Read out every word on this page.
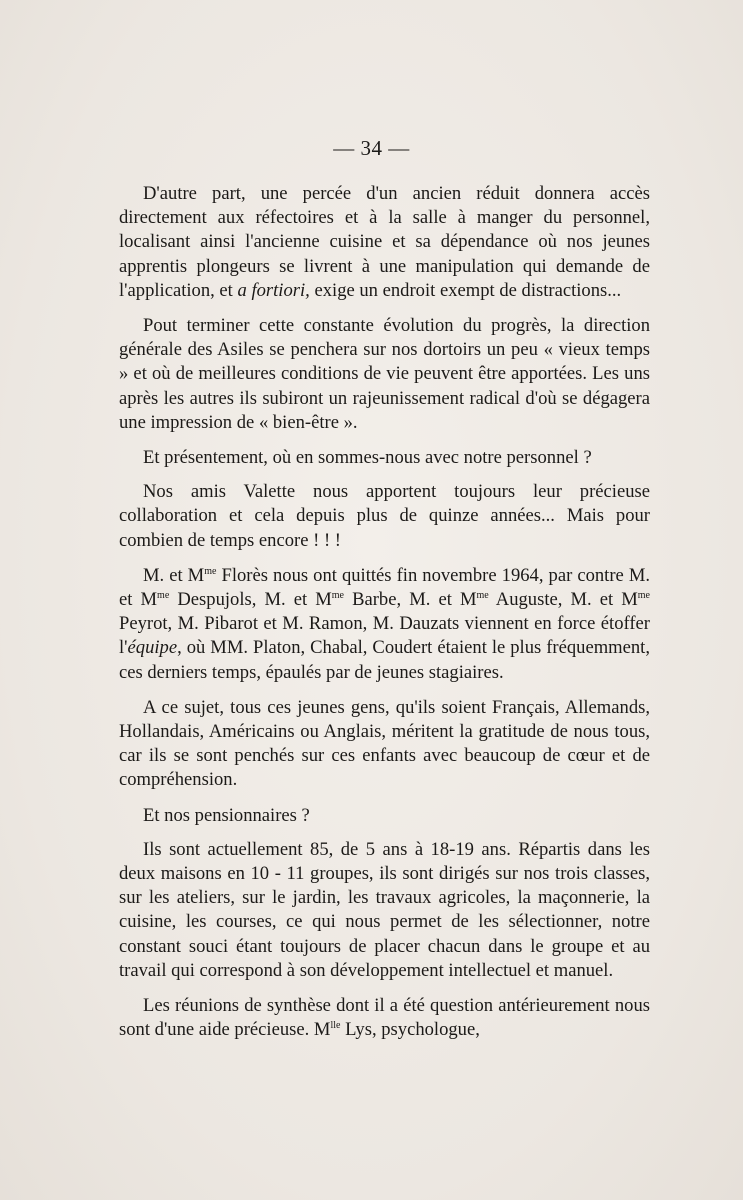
— 34 —

D'autre part, une percée d'un ancien réduit donnera accès directement aux réfectoires et à la salle à manger du personnel, localisant ainsi l'ancienne cuisine et sa dépendance où nos jeunes apprentis plongeurs se livrent à une manipulation qui demande de l'application, et a fortiori, exige un endroit exempt de distractions...

Pout terminer cette constante évolution du progrès, la direction générale des Asiles se penchera sur nos dortoirs un peu « vieux temps » et où de meilleures conditions de vie peuvent être apportées. Les uns après les autres ils subiront un rajeunissement radical d'où se dégagera une impression de « bien-être ».

Et présentement, où en sommes-nous avec notre personnel ?

Nos amis Valette nous apportent toujours leur précieuse collaboration et cela depuis plus de quinze années... Mais pour combien de temps encore ! ! !

M. et $M^{me}$ Florès nous ont quittés fin novembre 1964, par contre M. et $M^{me}$ Despujols, M. et $M^{me}$ Barbe, M. et $M^{me}$ Auguste, M. et $M^{me}$ Peyrot, M. Pibarot et M. Ramon, M. Dauzats viennent en force étoffer l'équipe, où MM. Platon, Chabal, Coudert étaient le plus fréquemment, ces derniers temps, épaulés par de jeunes stagiaires.

A ce sujet, tous ces jeunes gens, qu'ils soient Français, Allemands, Hollandais, Américains ou Anglais, méritent la gratitude de nous tous, car ils se sont penchés sur ces enfants avec beaucoup de cœur et de compréhension.

Et nos pensionnaires ?

Ils sont actuellement 85, de 5 ans à 18-19 ans. Répartis dans les deux maisons en 10 - 11 groupes, ils sont dirigés sur nos trois classes, sur les ateliers, sur le jardin, les travaux agricoles, la maçonnerie, la cuisine, les courses, ce qui nous permet de les sélectionner, notre constant souci étant toujours de placer chacun dans le groupe et au travail qui correspond à son développement intellectuel et manuel.

Les réunions de synthèse dont il a été question antérieurement nous sont d'une aide précieuse. $M^{lle}$ Lys, psychologue,
